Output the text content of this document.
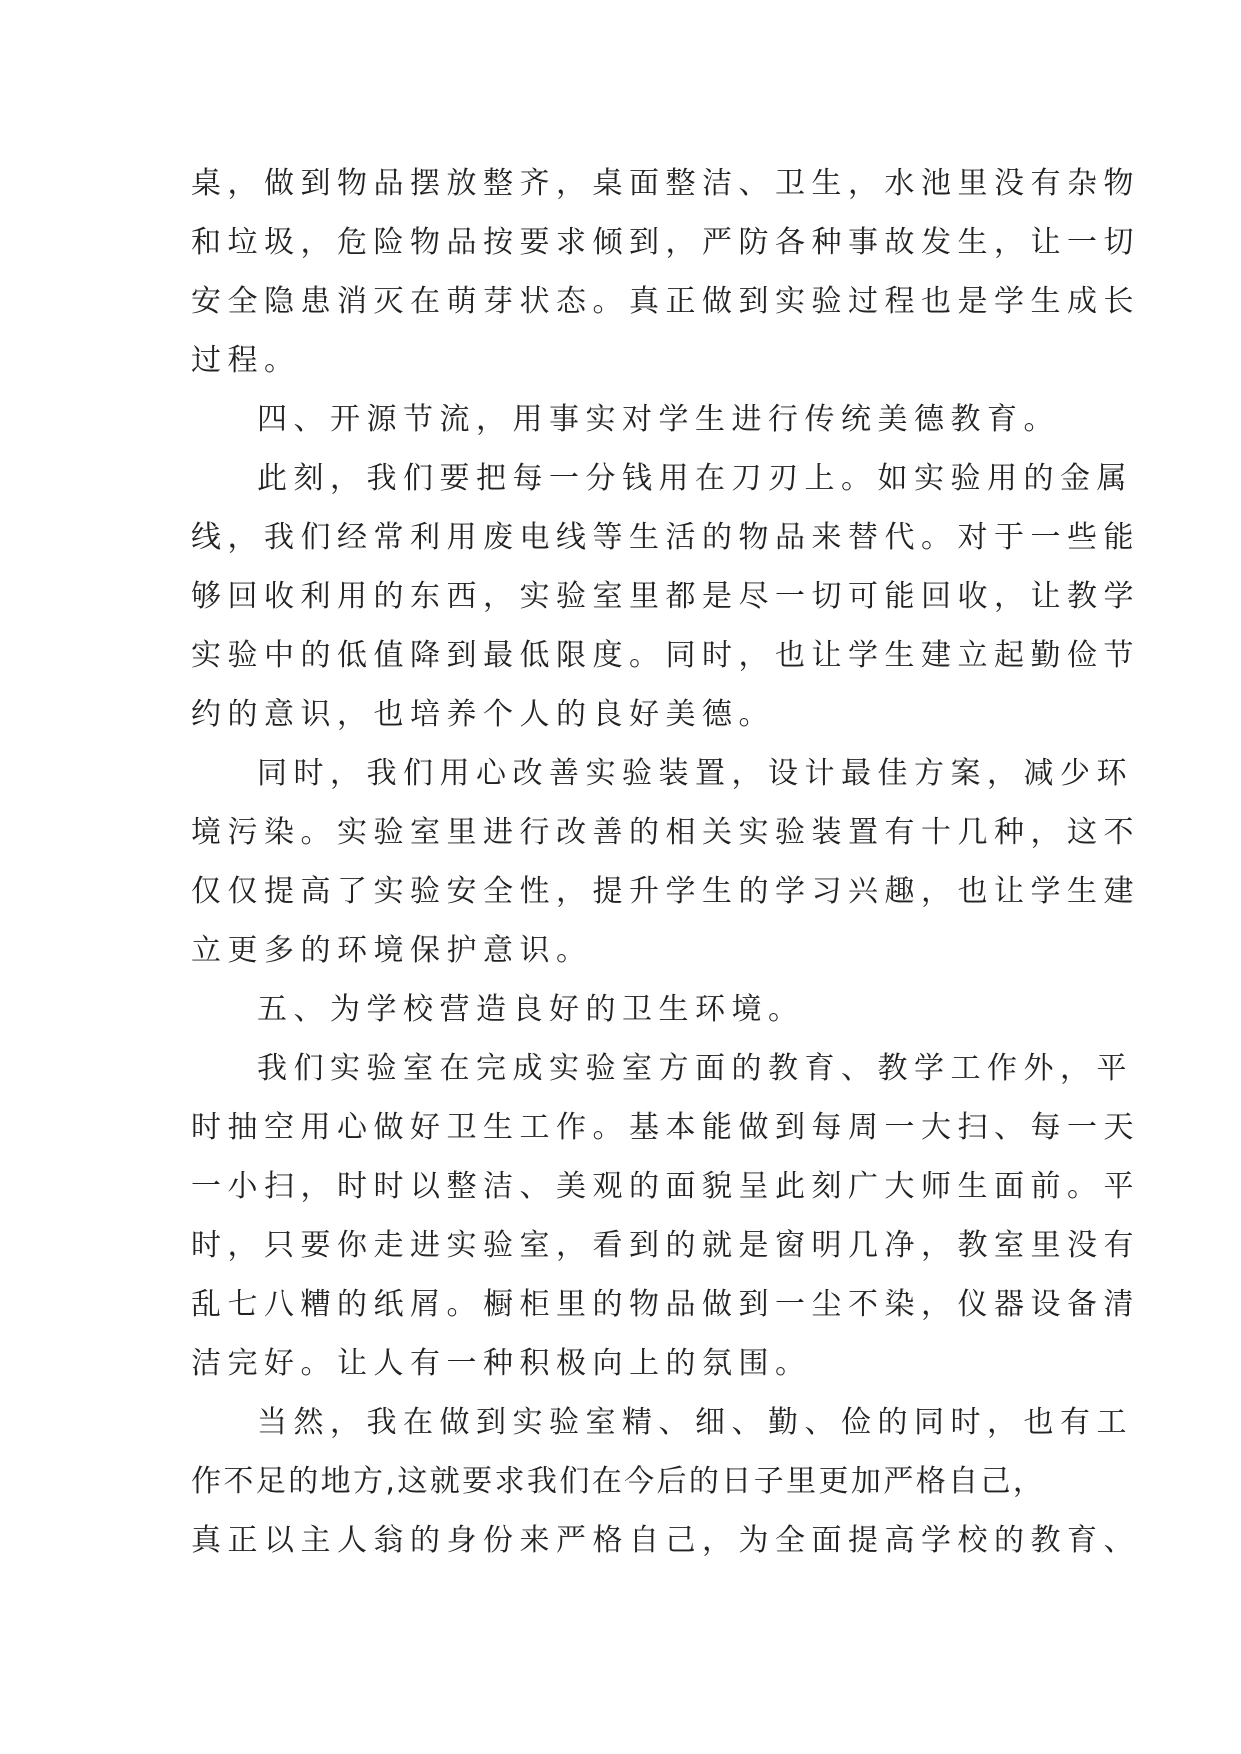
桌，做到物品摆放整齐，桌面整洁、卫生，水池里没有杂物
和垃圾，危险物品按要求倾到，严防各种事故发生，让一切
安全隐患消灭在萌芽状态。真正做到实验过程也是学生成长
过程。
四、开源节流，用事实对学生进行传统美德教育。
此刻，我们要把每一分钱用在刀刃上。如实验用的金属
线，我们经常利用废电线等生活的物品来替代。对于一些能
够回收利用的东西，实验室里都是尽一切可能回收，让教学
实验中的低值降到最低限度。同时，也让学生建立起勤俭节
约的意识，也培养个人的良好美德。
同时，我们用心改善实验装置，设计最佳方案，减少环
境污染。实验室里进行改善的相关实验装置有十几种，这不
仅仅提高了实验安全性，提升学生的学习兴趣，也让学生建
立更多的环境保护意识。
五、为学校营造良好的卫生环境。
我们实验室在完成实验室方面的教育、教学工作外，平
时抽空用心做好卫生工作。基本能做到每周一大扫、每一天
一小扫，时时以整洁、美观的面貌呈此刻广大师生面前。平
时，只要你走进实验室，看到的就是窗明几净，教室里没有
乱七八糟的纸屑。橱柜里的物品做到一尘不染，仪器设备清
洁完好。让人有一种积极向上的氛围。
当然，我在做到实验室精、细、勤、俭的同时，也有工
作不足的地方,这就要求我们在今后的日子里更加严格自己，
真正以主人翁的身份来严格自己，为全面提高学校的教育、
